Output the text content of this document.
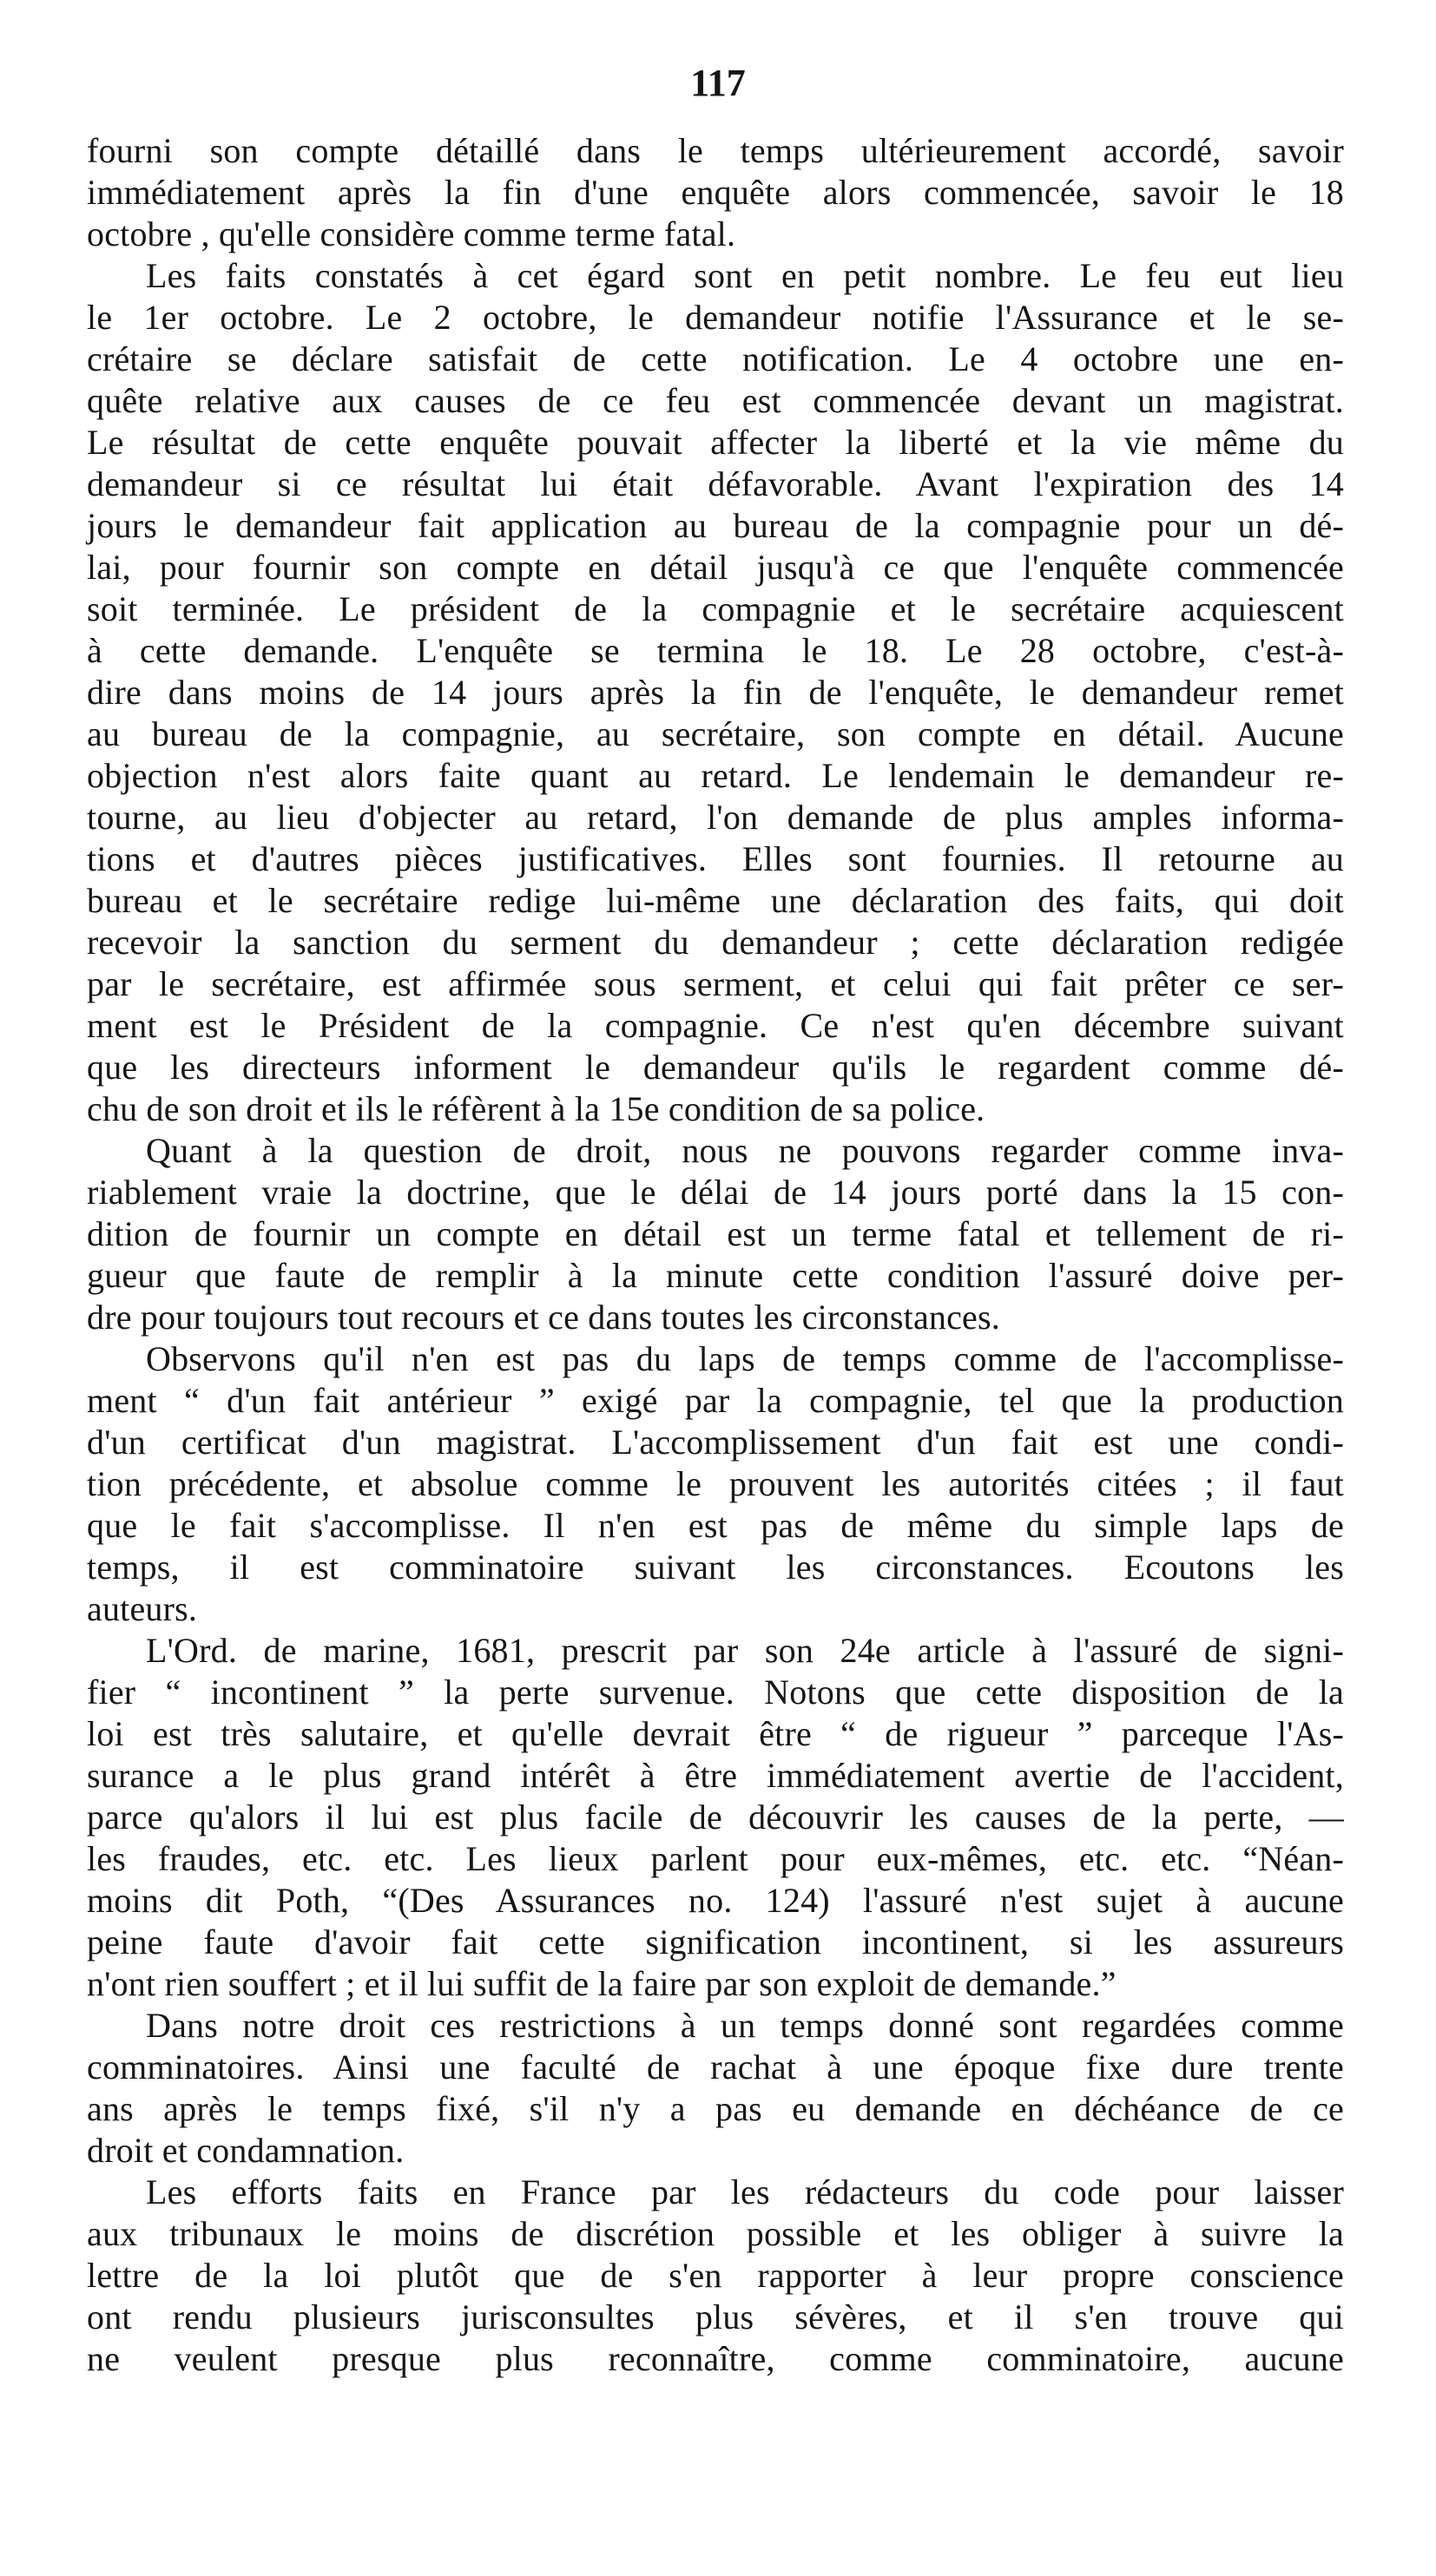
117
fourni son compte détaillé dans le temps ultérieurement accordé, savoir
immédiatement après la fin d'une enquête alors commencée, savoir le 18
octobre , qu'elle considère comme terme fatal.
Les faits constatés à cet égard sont en petit nombre. Le feu eut lieu
le 1er octobre. Le 2 octobre, le demandeur notifie l'Assurance et le se-
crétaire se déclare satisfait de cette notification. Le 4 octobre une en-
quête relative aux causes de ce feu est commencée devant un magistrat.
Le résultat de cette enquête pouvait affecter la liberté et la vie même du
demandeur si ce résultat lui était défavorable. Avant l'expiration des 14
jours le demandeur fait application au bureau de la compagnie pour un dé-
lai, pour fournir son compte en détail jusqu'à ce que l'enquête commencée
soit terminée. Le président de la compagnie et le secrétaire acquiescent
à cette demande. L'enquête se termina le 18. Le 28 octobre, c'est-à-
dire dans moins de 14 jours après la fin de l'enquête, le demandeur remet
au bureau de la compagnie, au secrétaire, son compte en détail. Aucune
objection n'est alors faite quant au retard. Le lendemain le demandeur re-
tourne, au lieu d'objecter au retard, l'on demande de plus amples informa-
tions et d'autres pièces justificatives. Elles sont fournies. Il retourne au
bureau et le secrétaire redige lui-même une déclaration des faits, qui doit
recevoir la sanction du serment du demandeur ; cette déclaration redigée
par le secrétaire, est affirmée sous serment, et celui qui fait prêter ce ser-
ment est le Président de la compagnie. Ce n'est qu'en décembre suivant
que les directeurs informent le demandeur qu'ils le regardent comme dé-
chu de son droit et ils le réfèrent à la 15e condition de sa police.
Quant à la question de droit, nous ne pouvons regarder comme inva-
riablement vraie la doctrine, que le délai de 14 jours porté dans la 15 con-
dition de fournir un compte en détail est un terme fatal et tellement de ri-
gueur que faute de remplir à la minute cette condition l'assuré doive per-
dre pour toujours tout recours et ce dans toutes les circonstances.
Observons qu'il n'en est pas du laps de temps comme de l'accomplisse-
ment “ d'un fait antérieur ” exigé par la compagnie, tel que la production
d'un certificat d'un magistrat. L'accomplissement d'un fait est une condi-
tion précédente, et absolue comme le prouvent les autorités citées ; il faut
que le fait s'accomplisse. Il n'en est pas de même du simple laps de
temps, il est comminatoire suivant les circonstances. Ecoutons les
auteurs.
L'Ord. de marine, 1681, prescrit par son 24e article à l'assuré de signi-
fier “ incontinent ” la perte survenue. Notons que cette disposition de la
loi est très salutaire, et qu'elle devrait être “ de rigueur ” parceque l'As-
surance a le plus grand intérêt à être immédiatement avertie de l'accident,
parce qu'alors il lui est plus facile de découvrir les causes de la perte, —
les fraudes, etc. etc. Les lieux parlent pour eux-mêmes, etc. etc. “Néan-
moins dit Poth, “(Des Assurances no. 124) l'assuré n'est sujet à aucune
peine faute d'avoir fait cette signification incontinent, si les assureurs
n'ont rien souffert ; et il lui suffit de la faire par son exploit de demande.”
Dans notre droit ces restrictions à un temps donné sont regardées comme
comminatoires. Ainsi une faculté de rachat à une époque fixe dure trente
ans après le temps fixé, s'il n'y a pas eu demande en déchéance de ce
droit et condamnation.
Les efforts faits en France par les rédacteurs du code pour laisser
aux tribunaux le moins de discrétion possible et les obliger à suivre la
lettre de la loi plutôt que de s'en rapporter à leur propre conscience
ont rendu plusieurs jurisconsultes plus sévères, et il s'en trouve qui
ne veulent presque plus reconnaître, comme comminatoire, aucune
